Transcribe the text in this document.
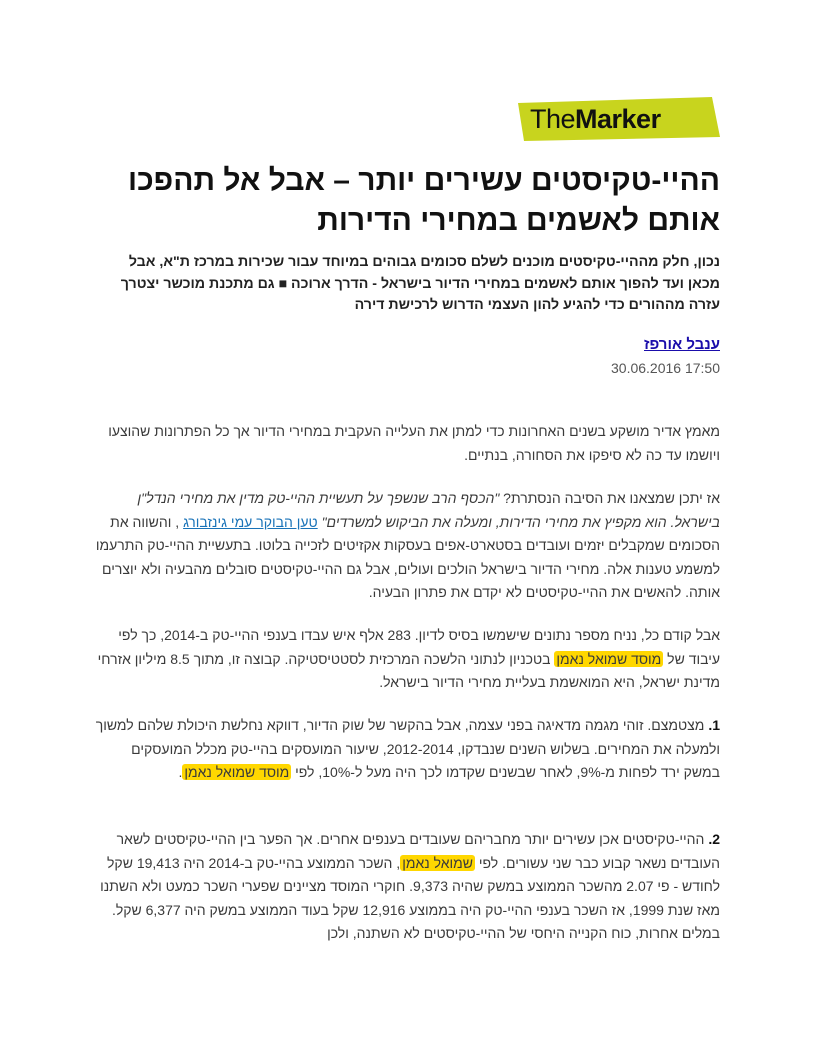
TheMarker
ההיי-טקיסטים עשירים יותר – אבל אל תהפכו אותם לאשמים במחירי הדירות

נכון, חלק מההיי-טקיסטים מוכנים לשלם סכומים גבוהים במיוחד עבור שכירות במרכז ת"א, אבל מכאן ועד להפוך אותם לאשמים במחירי הדיור בישראל - הדרך ארוכה ■ גם מתכנת מוכשר יצטרך עזרה מההורים כדי להגיע להון העצמי הדרוש לרכישת דירה

ענבל אורפז
30.06.2016 17:50

מאמץ אדיר מושקע בשנים האחרונות כדי למתן את העלייה העקבית במחירי הדיור אך כל הפתרונות שהוצעו ויושמו עד כה לא סיפקו את הסחורה, בנתיים.

אז יתכן שמצאנו את הסיבה הנסתרת? "הכסף הרב שנשפך על תעשיית ההיי-טק מדין את מחירי הנדל"ן בישראל. הוא מקפיץ את מחירי הדירות, ומעלה את הביקוש למשרדים" טען הבוקר עמי גינזבורג , והשווה את הסכומים שמקבלים יזמים ועובדים בסטארט-אפים בעסקות אקזיטים לזכייה בלוטו. בתעשיית ההיי-טק התרעמו למשמע טענות אלה. מחירי הדיור בישראל הולכים ועולים, אבל גם ההיי-טקיסטים סובלים מהבעיה ולא יוצרים אותה. להאשים את ההיי-טקיסטים לא יקדם את פתרון הבעיה.

אבל קודם כל, נניח מספר נתונים שישמשו בסיס לדיון. 283 אלף איש עבדו בענפי ההיי-טק ב-2014, כך לפי עיבוד של מוסד שמואל נאמן בטכניון לנתוני הלשכה המרכזית לסטטיסטיקה. קבוצה זו, מתוך 8.5 מיליון אזרחי מדינת ישראל, היא המואשמת בעליית מחירי הדיור בישראל.

1. מצטמצם. זוהי מגמה מדאיגה בפני עצמה, אבל בהקשר של שוק הדיור, דווקא נחלשת היכולת שלהם למשוך ולמעלה את המחירים. בשלוש השנים שנבדקו, 2012-2014, שיעור המועסקים בהיי-טק מכלל המועסקים במשק ירד לפחות מ-9%, לאחר שבשנים שקדמו לכך היה מעל ל-10%, לפי מוסד שמואל נאמן.

2. ההיי-טקיסטים אכן עשירים יותר מחבריהם שעובדים בענפים אחרים. אך הפער בין ההיי-טקיסטים לשאר העובדים נשאר קבוע כבר שני עשורים. לפי שמואל נאמן, השכר הממוצע בהיי-טק ב-2014 היה 19,413 שקל לחודש - פי 2.07 מהשכר הממוצע במשק שהיה 9,373. חוקרי המוסד מציינים שפערי השכר כמעט ולא השתנו מאז שנת 1999, אז השכר בענפי ההיי-טק היה בממוצע 12,916 שקל בעוד הממוצע במשק היה 6,377 שקל. במלים אחרות, כוח הקנייה היחסי של ההיי-טקיסטים לא השתנה, ולכן
